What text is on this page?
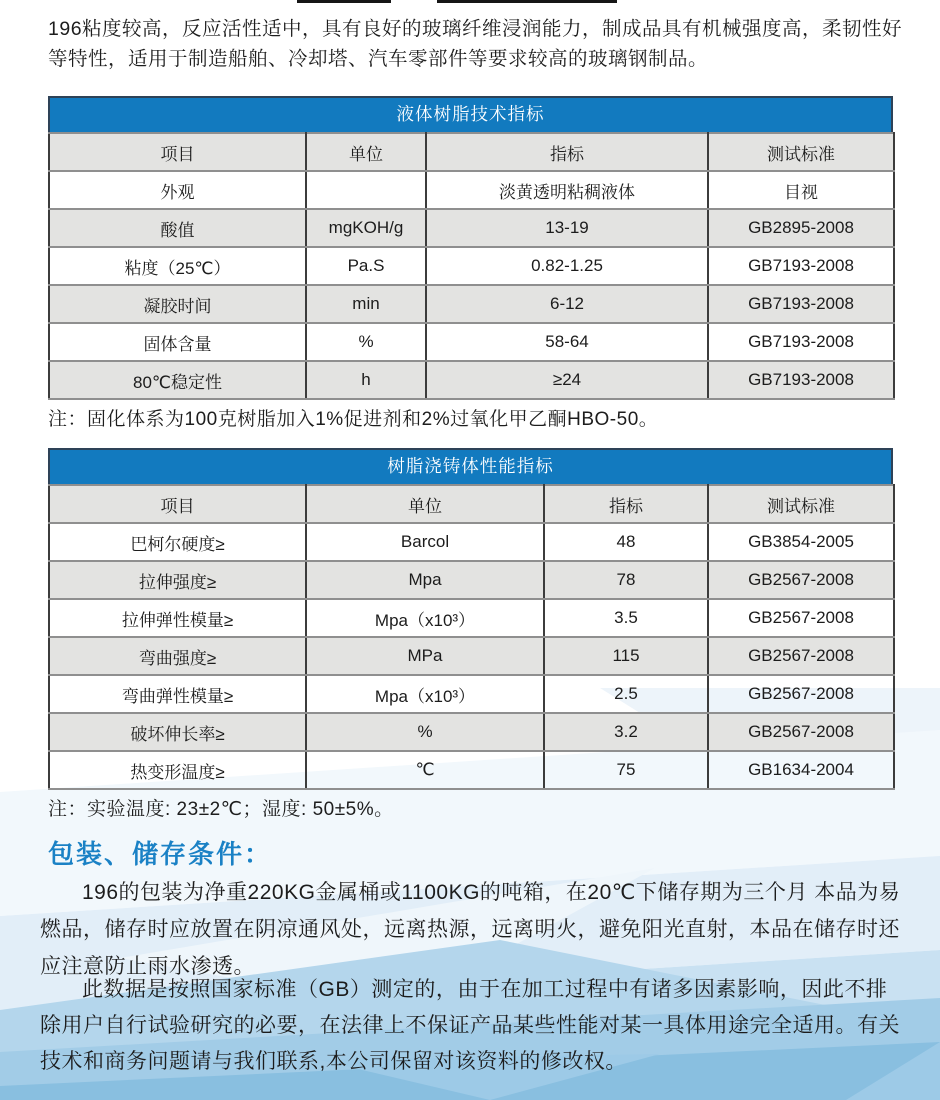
196粘度较高，反应活性适中，具有良好的玻璃纤维浸润能力，制成品具有机械强度高，柔韧性好等特性，适用于制造船舶、冷却塔、汽车零部件等要求较高的玻璃钢制品。

液体树脂技术指标
项目	单位	指标	测试标准
外观		淡黄透明粘稠液体	目视
酸值	mgKOH/g	13-19	GB2895-2008
粘度（25℃）	Pa.S	0.82-1.25	GB7193-2008
凝胶时间	min	6-12	GB7193-2008
固体含量	%	58-64	GB7193-2008
80℃稳定性	h	≥24	GB7193-2008

注：固化体系为100克树脂加入1%促进剂和2%过氧化甲乙酮HBO-50。

树脂浇铸体性能指标
项目	单位	指标	测试标准
巴柯尔硬度≥	Barcol	48	GB3854-2005
拉伸强度≥	Mpa	78	GB2567-2008
拉伸弹性模量≥	Mpa（x10³）	3.5	GB2567-2008
弯曲强度≥	MPa	115	GB2567-2008
弯曲弹性模量≥	Mpa（x10³）	2.5	GB2567-2008
破坏伸长率≥	%	3.2	GB2567-2008
热变形温度≥	℃	75	GB1634-2004

注：实验温度: 23±2℃；湿度: 50±5%。

包装、储存条件：

196的包装为净重220KG金属桶或1100KG的吨箱，在20℃下储存期为三个月 本品为易燃品，储存时应放置在阴凉通风处，远离热源，远离明火，避免阳光直射，本品在储存时还应注意防止雨水渗透。

此数据是按照国家标准（GB）测定的，由于在加工过程中有诸多因素影响，因此不排除用户自行试验研究的必要，在法律上不保证产品某些性能对某一具体用途完全适用。有关技术和商务问题请与我们联系,本公司保留对该资料的修改权。
